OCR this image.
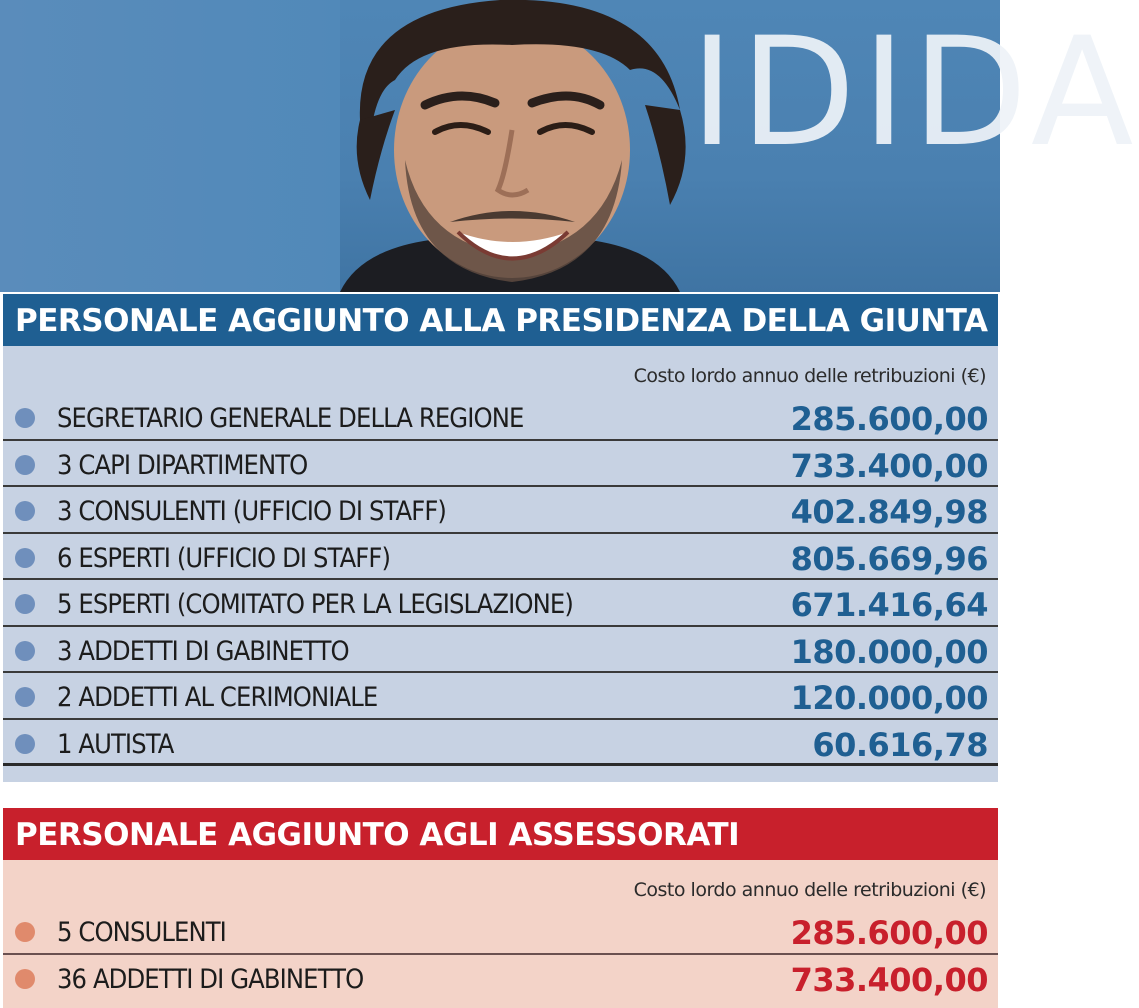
IDIDA
PERSONALE AGGIUNTO ALLA PRESIDENZA DELLA GIUNTA
Costo lordo annuo delle retribuzioni (€)
SEGRETARIO GENERALE DELLA REGIONE	285.600,00
3 CAPI DIPARTIMENTO	733.400,00
3 CONSULENTI (UFFICIO DI STAFF)	402.849,98
6 ESPERTI (UFFICIO DI STAFF)	805.669,96
5 ESPERTI (COMITATO PER LA LEGISLAZIONE)	671.416,64
3 ADDETTI DI GABINETTO	180.000,00
2 ADDETTI AL CERIMONIALE	120.000,00
1 AUTISTA	60.616,78
PERSONALE AGGIUNTO AGLI ASSESSORATI
Costo lordo annuo delle retribuzioni (€)
5 CONSULENTI	285.600,00
36 ADDETTI DI GABINETTO	733.400,00
